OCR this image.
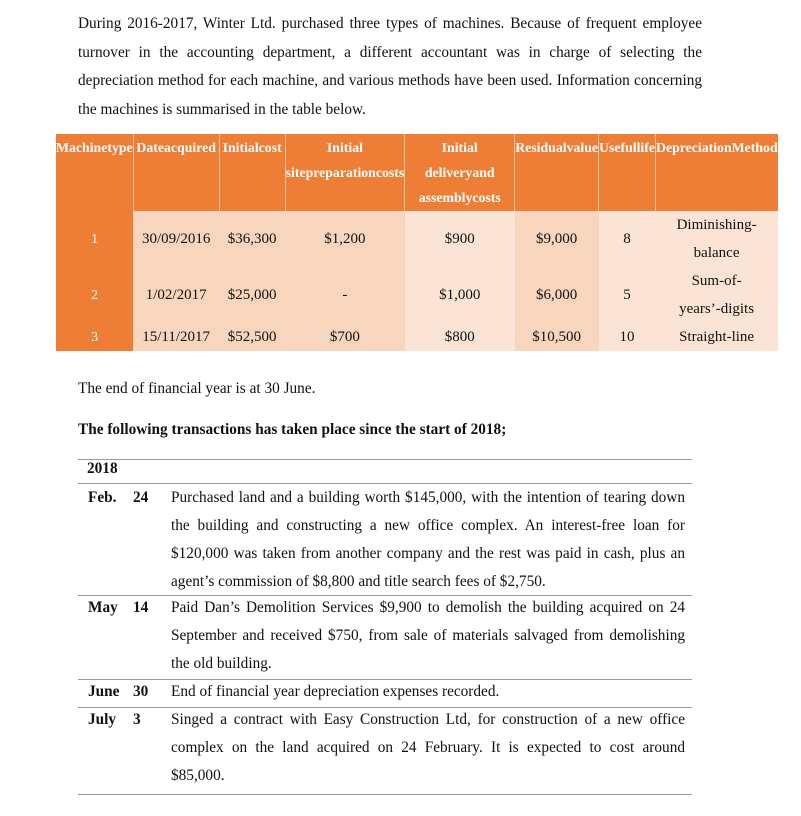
During 2016-2017, Winter Ltd. purchased three types of machines. Because of frequent employee turnover in the accounting department, a different accountant was in charge of selecting the depreciation method for each machine, and various methods have been used. Information concerning the machines is summarised in the table below.

Machinetype	Dateacquired	Initialcost	Initial sitepreparationcosts	Initial deliveryand assemblycosts	Residualvalue	Usefullife	DepreciationMethod
1	30/09/2016	$36,300	$1,200	$900	$9,000	8	Diminishing-
balance

2	1/02/2017	$25,000	-	$1,000	$6,000	5	Sum-of-
years’-digits

3	15/11/2017	$52,500	$700	$800	$10,500	10	Straight-line
The end of financial year is at 30 June.
The following transactions has taken place since the start of 2018;
2018
Feb. 24 Purchased land and a building worth $145,000, with the intention of tearing down the building and constructing a new office complex. An interest-free loan for $120,000 was taken from another company and the rest was paid in cash, plus an agent’s commission of $8,800 and title search fees of $2,750.
May 14 Paid Dan’s Demolition Services $9,900 to demolish the building acquired on 24 September and received $750, from sale of materials salvaged from demolishing the old building.
June 30 End of financial year depreciation expenses recorded.
July 3 Singed a contract with Easy Construction Ltd, for construction of a new office complex on the land acquired on 24 February. It is expected to cost around $85,000.
